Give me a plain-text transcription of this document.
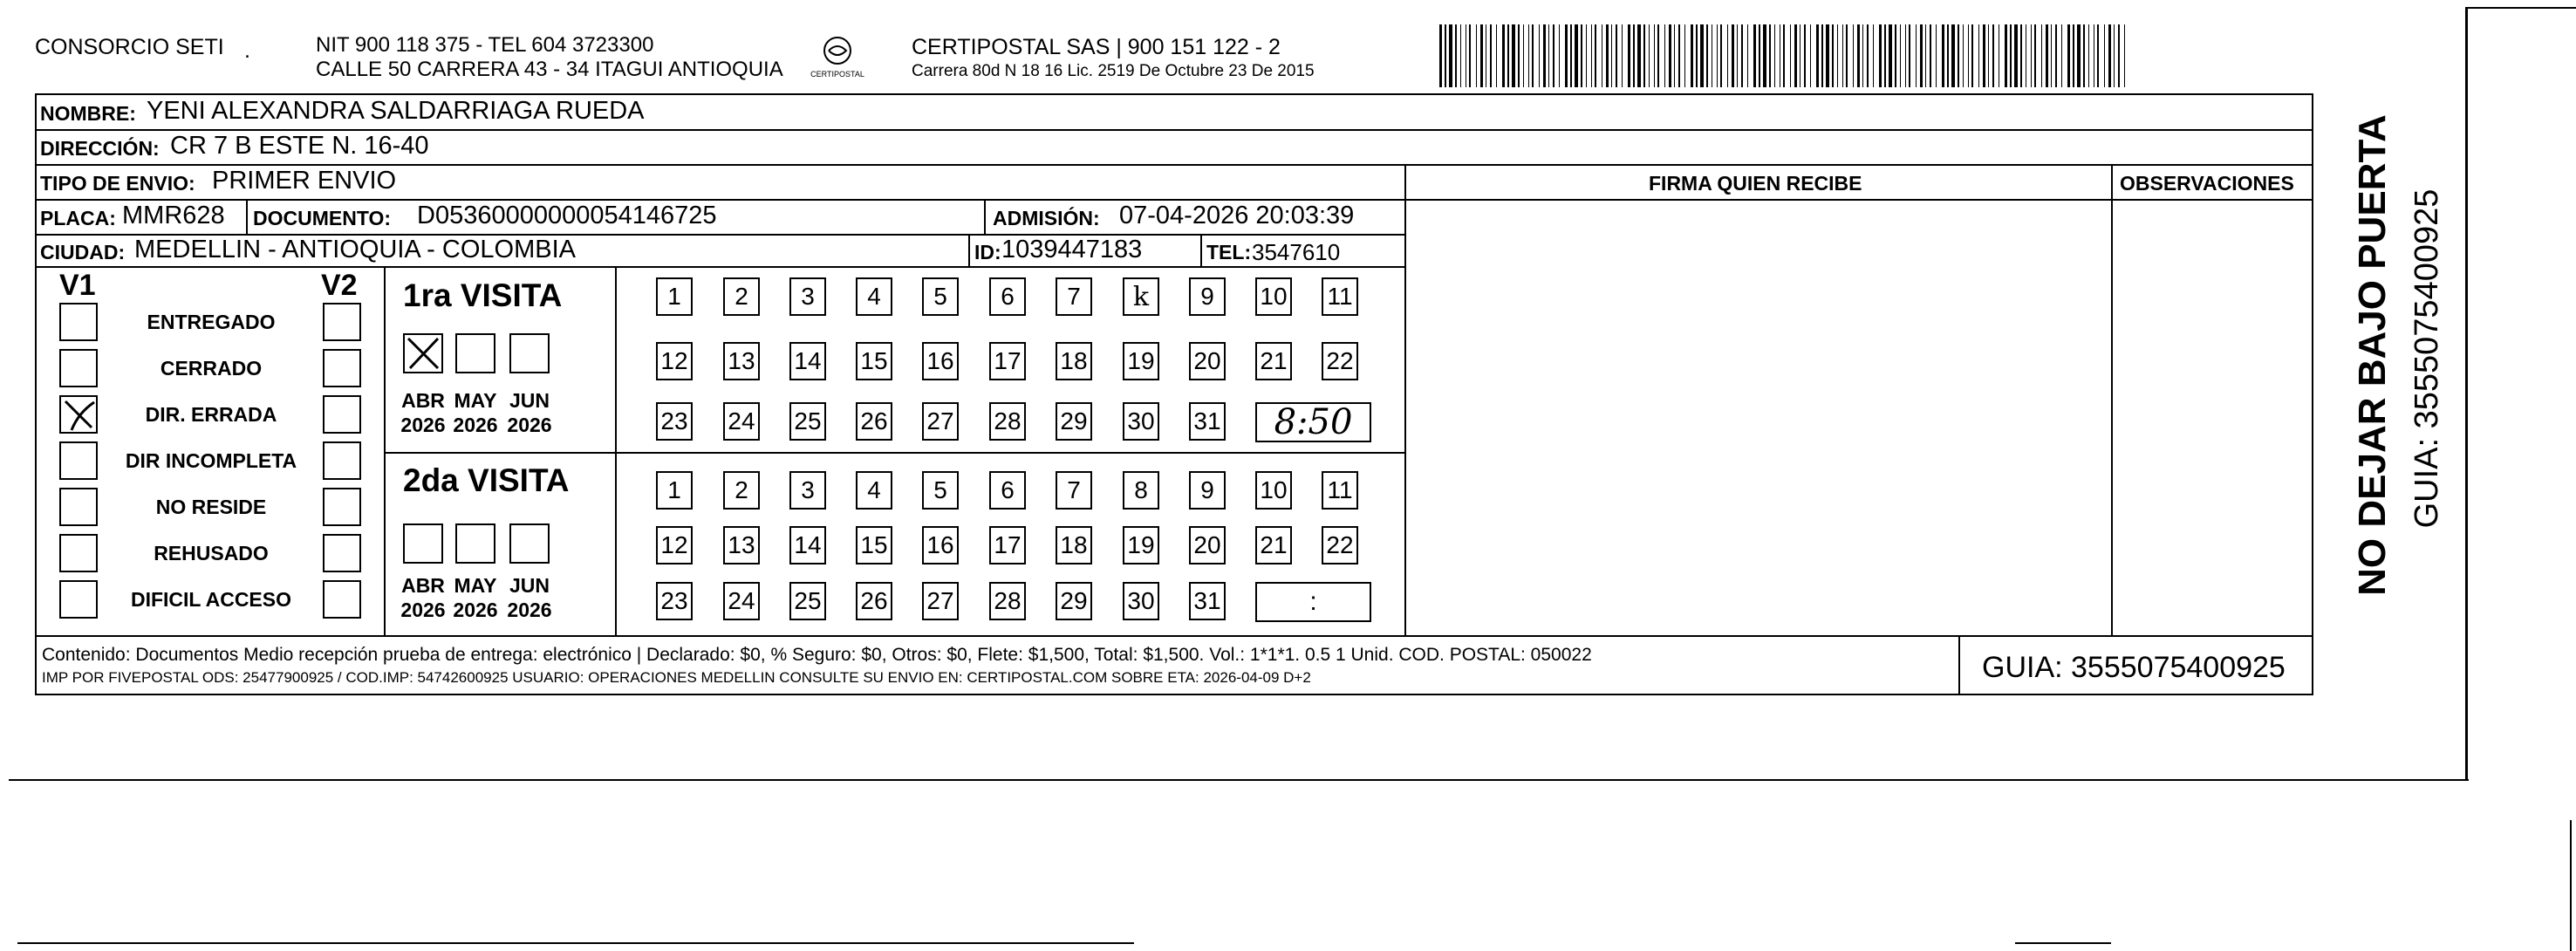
CONSORCIO SETI .	NIT 900 118 375 - TEL 604 3723300
CALLE 50 CARRERA 43 - 34 ITAGUI ANTIOQUIA	CERTIPOSTAL
CERTIPOSTAL SAS | 900 151 122 - 2
Carrera 80d N 18 16 Lic. 2519 De Octubre 23 De 2015
NOMBRE: YENI ALEXANDRA SALDARRIAGA RUEDA
DIRECCIÓN: CR 7 B ESTE N. 16-40
TIPO DE ENVIO: PRIMER ENVIO	FIRMA QUIEN RECIBE	OBSERVACIONES
PLACA: MMR628 DOCUMENTO: D05360000000054146725	ADMISIÓN: 07-04-2026 20:03:39
CIUDAD: MEDELLIN - ANTIOQUIA - COLOMBIA	ID: 1039447183	TEL: 3547610
V1	V2
ENTREGADO
CERRADO
DIR. ERRADA
DIR INCOMPLETA
NO RESIDE
REHUSADO
DIFICIL ACCESO
1ra VISITA
2da VISITA
ABR
2026
MAY
2026
JUN
2026
1	2	3	4	5	6	7	k	9	10 11
12 13 14 15 16 17 18 19 20 21 22
23 24 25 26 27 28 29 30 31	8:50
ABR
2026
MAY
2026
JUN
2026
1	2	3	4	5	6	7	8	9	10 11
12 13 14 15 16 17 18 19 20 21 22
23 24 25 26 27 28 29 30 31	:
Contenido: Documentos Medio recepción prueba de entrega: electrónico | Declarado: $0, % Seguro: $0, Otros: $0, Flete: $1,500, Total: $1,500. Vol.: 1*1*1. 0.5 1 Unid. COD. POSTAL: 050022
IMP POR FIVEPOSTAL ODS: 25477900925 / COD.IMP: 54742600925 USUARIO: OPERACIONES MEDELLIN CONSULTE SU ENVIO EN: CERTIPOSTAL.COM SOBRE ETA: 2026-04-09 D+2	GUIA: 3555075400925
NO DEJAR BAJO PUERTA GUIA: 3555075400925
